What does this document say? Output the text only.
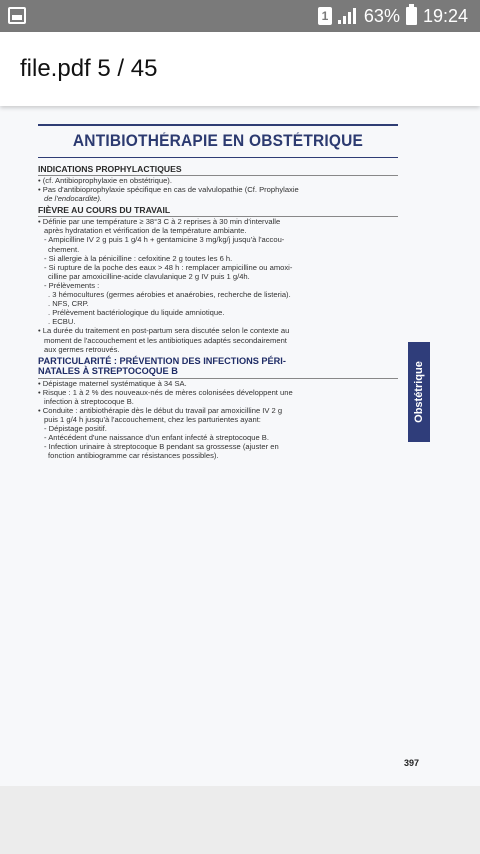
1 63% 19:24
file.pdf 5 / 45
ANTIBIOTHÉRAPIE EN OBSTÉTRIQUE
INDICATIONS PROPHYLACTIQUES
• (cf. Antibioprophylaxie en obstétrique).
• Pas d'antibioprophylaxie spécifique en cas de valvulopathie (Cf. Prophylaxie
de l'endocardite).
FIÈVRE AU COURS DU TRAVAIL
• Définie par une température ≥ 38°3 C à 2 reprises à 30 min d'intervalle
après hydratation et vérification de la température ambiante.
- Ampicilline IV 2 g puis 1 g/4 h + gentamicine 3 mg/kg/j jusqu'à l'accou-
chement.
- Si allergie à la pénicilline : cefoxitine 2 g toutes les 6 h.
- Si rupture de la poche des eaux > 48 h : remplacer ampicilline ou amoxi-
cilline par amoxicilline-acide clavulanique 2 g IV puis 1 g/4h.
- Prélèvements :
. 3 hémocultures (germes aérobies et anaérobies, recherche de listeria).
. NFS, CRP.
. Prélèvement bactériologique du liquide amniotique.
. ECBU.
• La durée du traitement en post-partum sera discutée selon le contexte au
moment de l'accouchement et les antibiotiques adaptés secondairement
aux germes retrouvés.
PARTICULARITÉ : PRÉVENTION DES INFECTIONS PÉRI-
NATALES À STREPTOCOQUE B
• Dépistage maternel systématique à 34 SA.
• Risque : 1 à 2 % des nouveaux-nés de mères colonisées développent une
infection à streptocoque B.
• Conduite : antibiothérapie dès le début du travail par amoxicilline IV 2 g
puis 1 g/4 h jusqu'à l'accouchement, chez les parturientes ayant:
- Dépistage positif.
- Antécédent d'une naissance d'un enfant infecté à streptocoque B.
- Infection urinaire à streptocoque B pendant sa grossesse (ajuster en
fonction antibiogramme car résistances possibles).
Obstétrique
397
